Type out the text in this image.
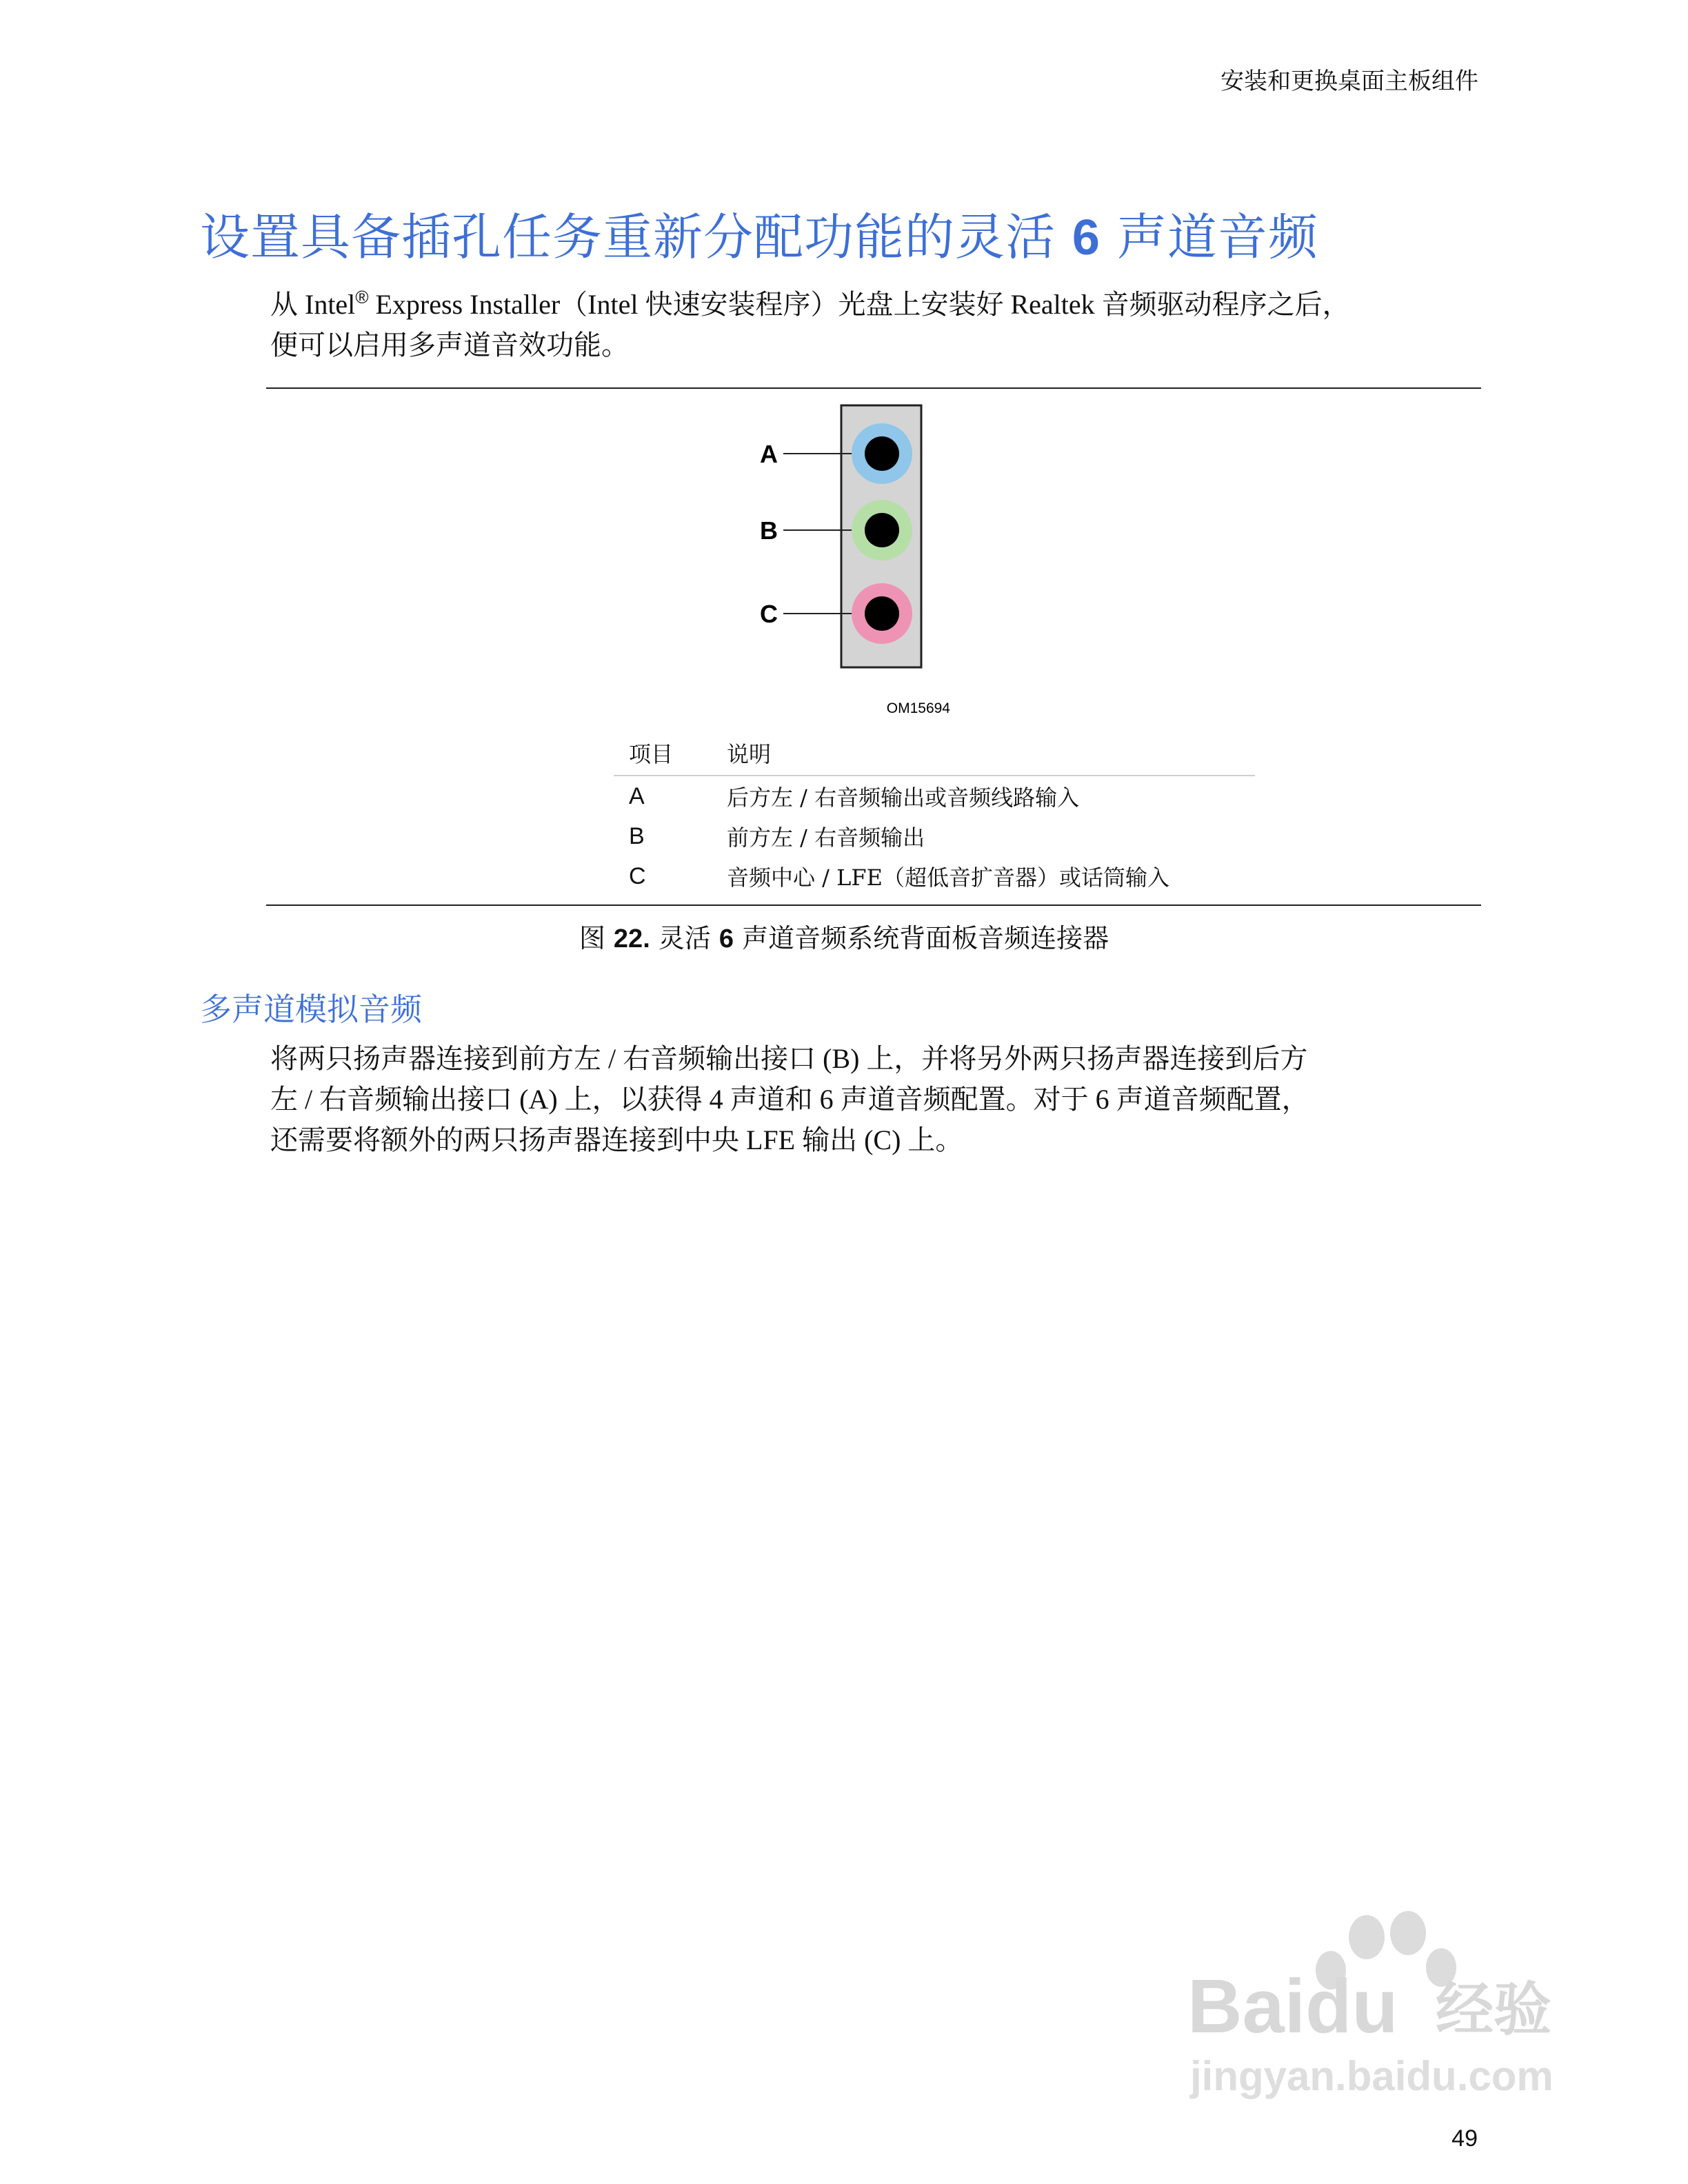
安装和更换桌面主板组件
设置具备插孔任务重新分配功能的灵活 6 声道音频
从 Intel® Express Installer（Intel 快速安装程序）光盘上安装好 Realtek 音频驱动程序之后，
便可以启用多声道音效功能。
A
B
C
OM15694
项目	说明
A	后方左 / 右音频输出或音频线路输入
B	前方左 / 右音频输出
C	音频中心 / LFE（超低音扩音器）或话筒输入
图 22. 灵活 6 声道音频系统背面板音频连接器
多声道模拟音频
将两只扬声器连接到前方左 / 右音频输出接口 (B) 上，并将另外两只扬声器连接到后方
左 / 右音频输出接口 (A) 上，以获得 4 声道和 6 声道音频配置。对于 6 声道音频配置，
还需要将额外的两只扬声器连接到中央 LFE 输出 (C) 上。
Baidu 经验
jingyan.baidu.com
49
